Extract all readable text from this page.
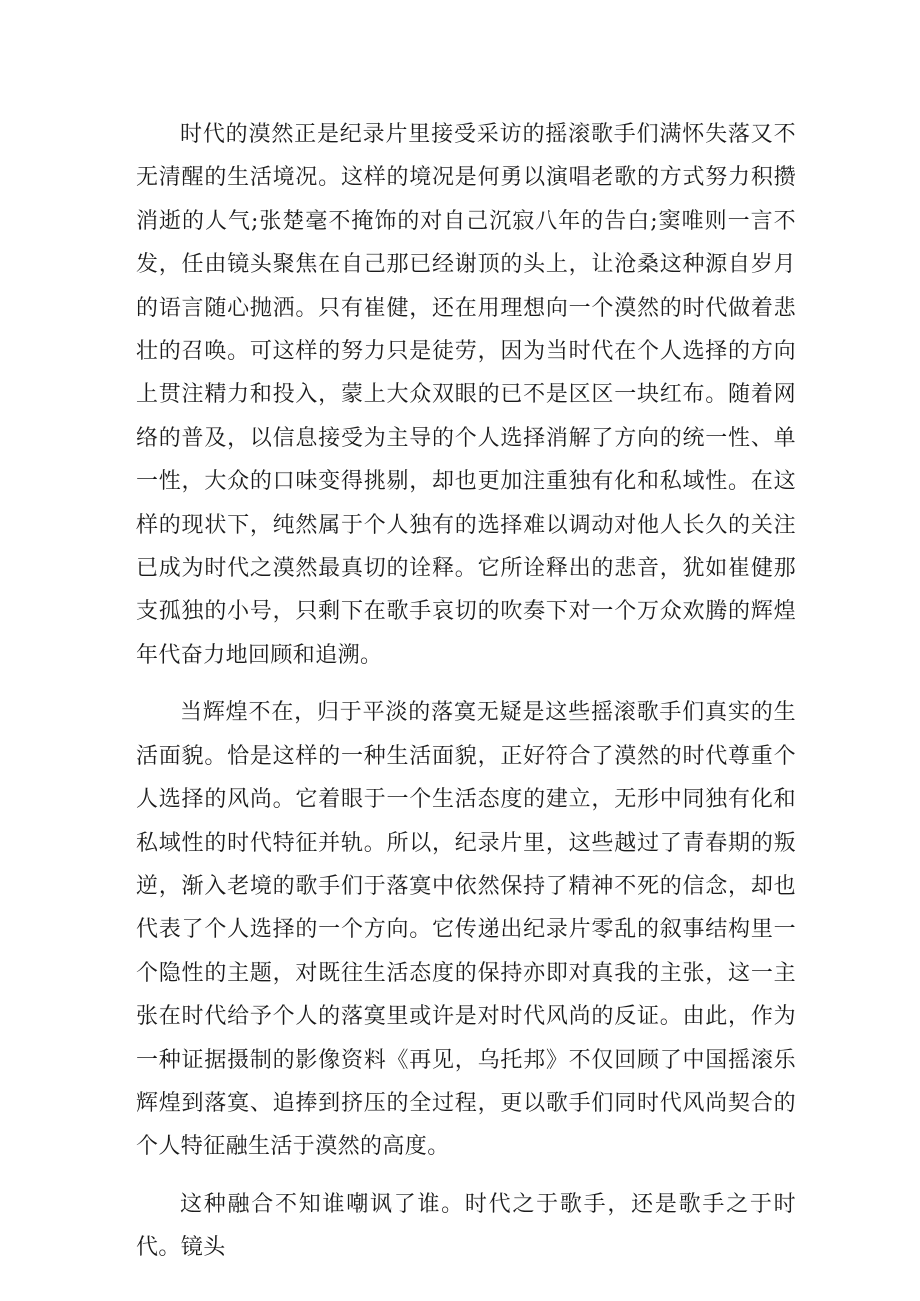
时代的漠然正是纪录片里接受采访的摇滚歌手们满怀失落又不无清醒的生活境况。这样的境况是何勇以演唱老歌的方式努力积攒消逝的人气;张楚毫不掩饰的对自己沉寂八年的告白;窦唯则一言不发，任由镜头聚焦在自己那已经谢顶的头上，让沧桑这种源自岁月的语言随心抛洒。只有崔健，还在用理想向一个漠然的时代做着悲壮的召唤。可这样的努力只是徒劳，因为当时代在个人选择的方向上贯注精力和投入，蒙上大众双眼的已不是区区一块红布。随着网络的普及，以信息接受为主导的个人选择消解了方向的统一性、单一性，大众的口味变得挑剔，却也更加注重独有化和私域性。在这样的现状下，纯然属于个人独有的选择难以调动对他人长久的关注已成为时代之漠然最真切的诠释。它所诠释出的悲音，犹如崔健那支孤独的小号，只剩下在歌手哀切的吹奏下对一个万众欢腾的辉煌年代奋力地回顾和追溯。

当辉煌不在，归于平淡的落寞无疑是这些摇滚歌手们真实的生活面貌。恰是这样的一种生活面貌，正好符合了漠然的时代尊重个人选择的风尚。它着眼于一个生活态度的建立，无形中同独有化和私域性的时代特征并轨。所以，纪录片里，这些越过了青春期的叛逆，渐入老境的歌手们于落寞中依然保持了精神不死的信念，却也代表了个人选择的一个方向。它传递出纪录片零乱的叙事结构里一个隐性的主题，对既往生活态度的保持亦即对真我的主张，这一主张在时代给予个人的落寞里或许是对时代风尚的反证。由此，作为一种证据摄制的影像资料《再见，乌托邦》不仅回顾了中国摇滚乐辉煌到落寞、追捧到挤压的全过程，更以歌手们同时代风尚契合的个人特征融生活于漠然的高度。

这种融合不知谁嘲讽了谁。时代之于歌手，还是歌手之于时代。镜头
